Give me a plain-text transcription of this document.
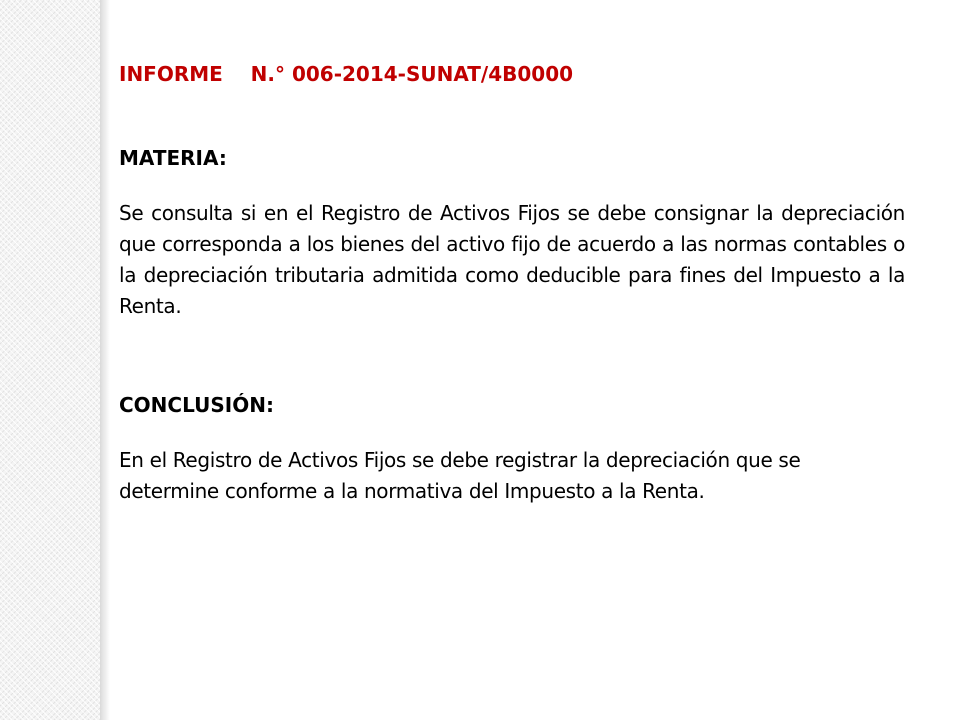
INFORME    N.° 006-2014-SUNAT/4B0000

MATERIA:

Se consulta si en el Registro de Activos Fijos se debe consignar la depreciación que corresponda a los bienes del activo fijo de acuerdo a las normas contables o la depreciación tributaria admitida como deducible para fines del Impuesto a la Renta.

CONCLUSIÓN:

En el Registro de Activos Fijos se debe registrar la depreciación que se determine conforme a la normativa del Impuesto a la Renta.
